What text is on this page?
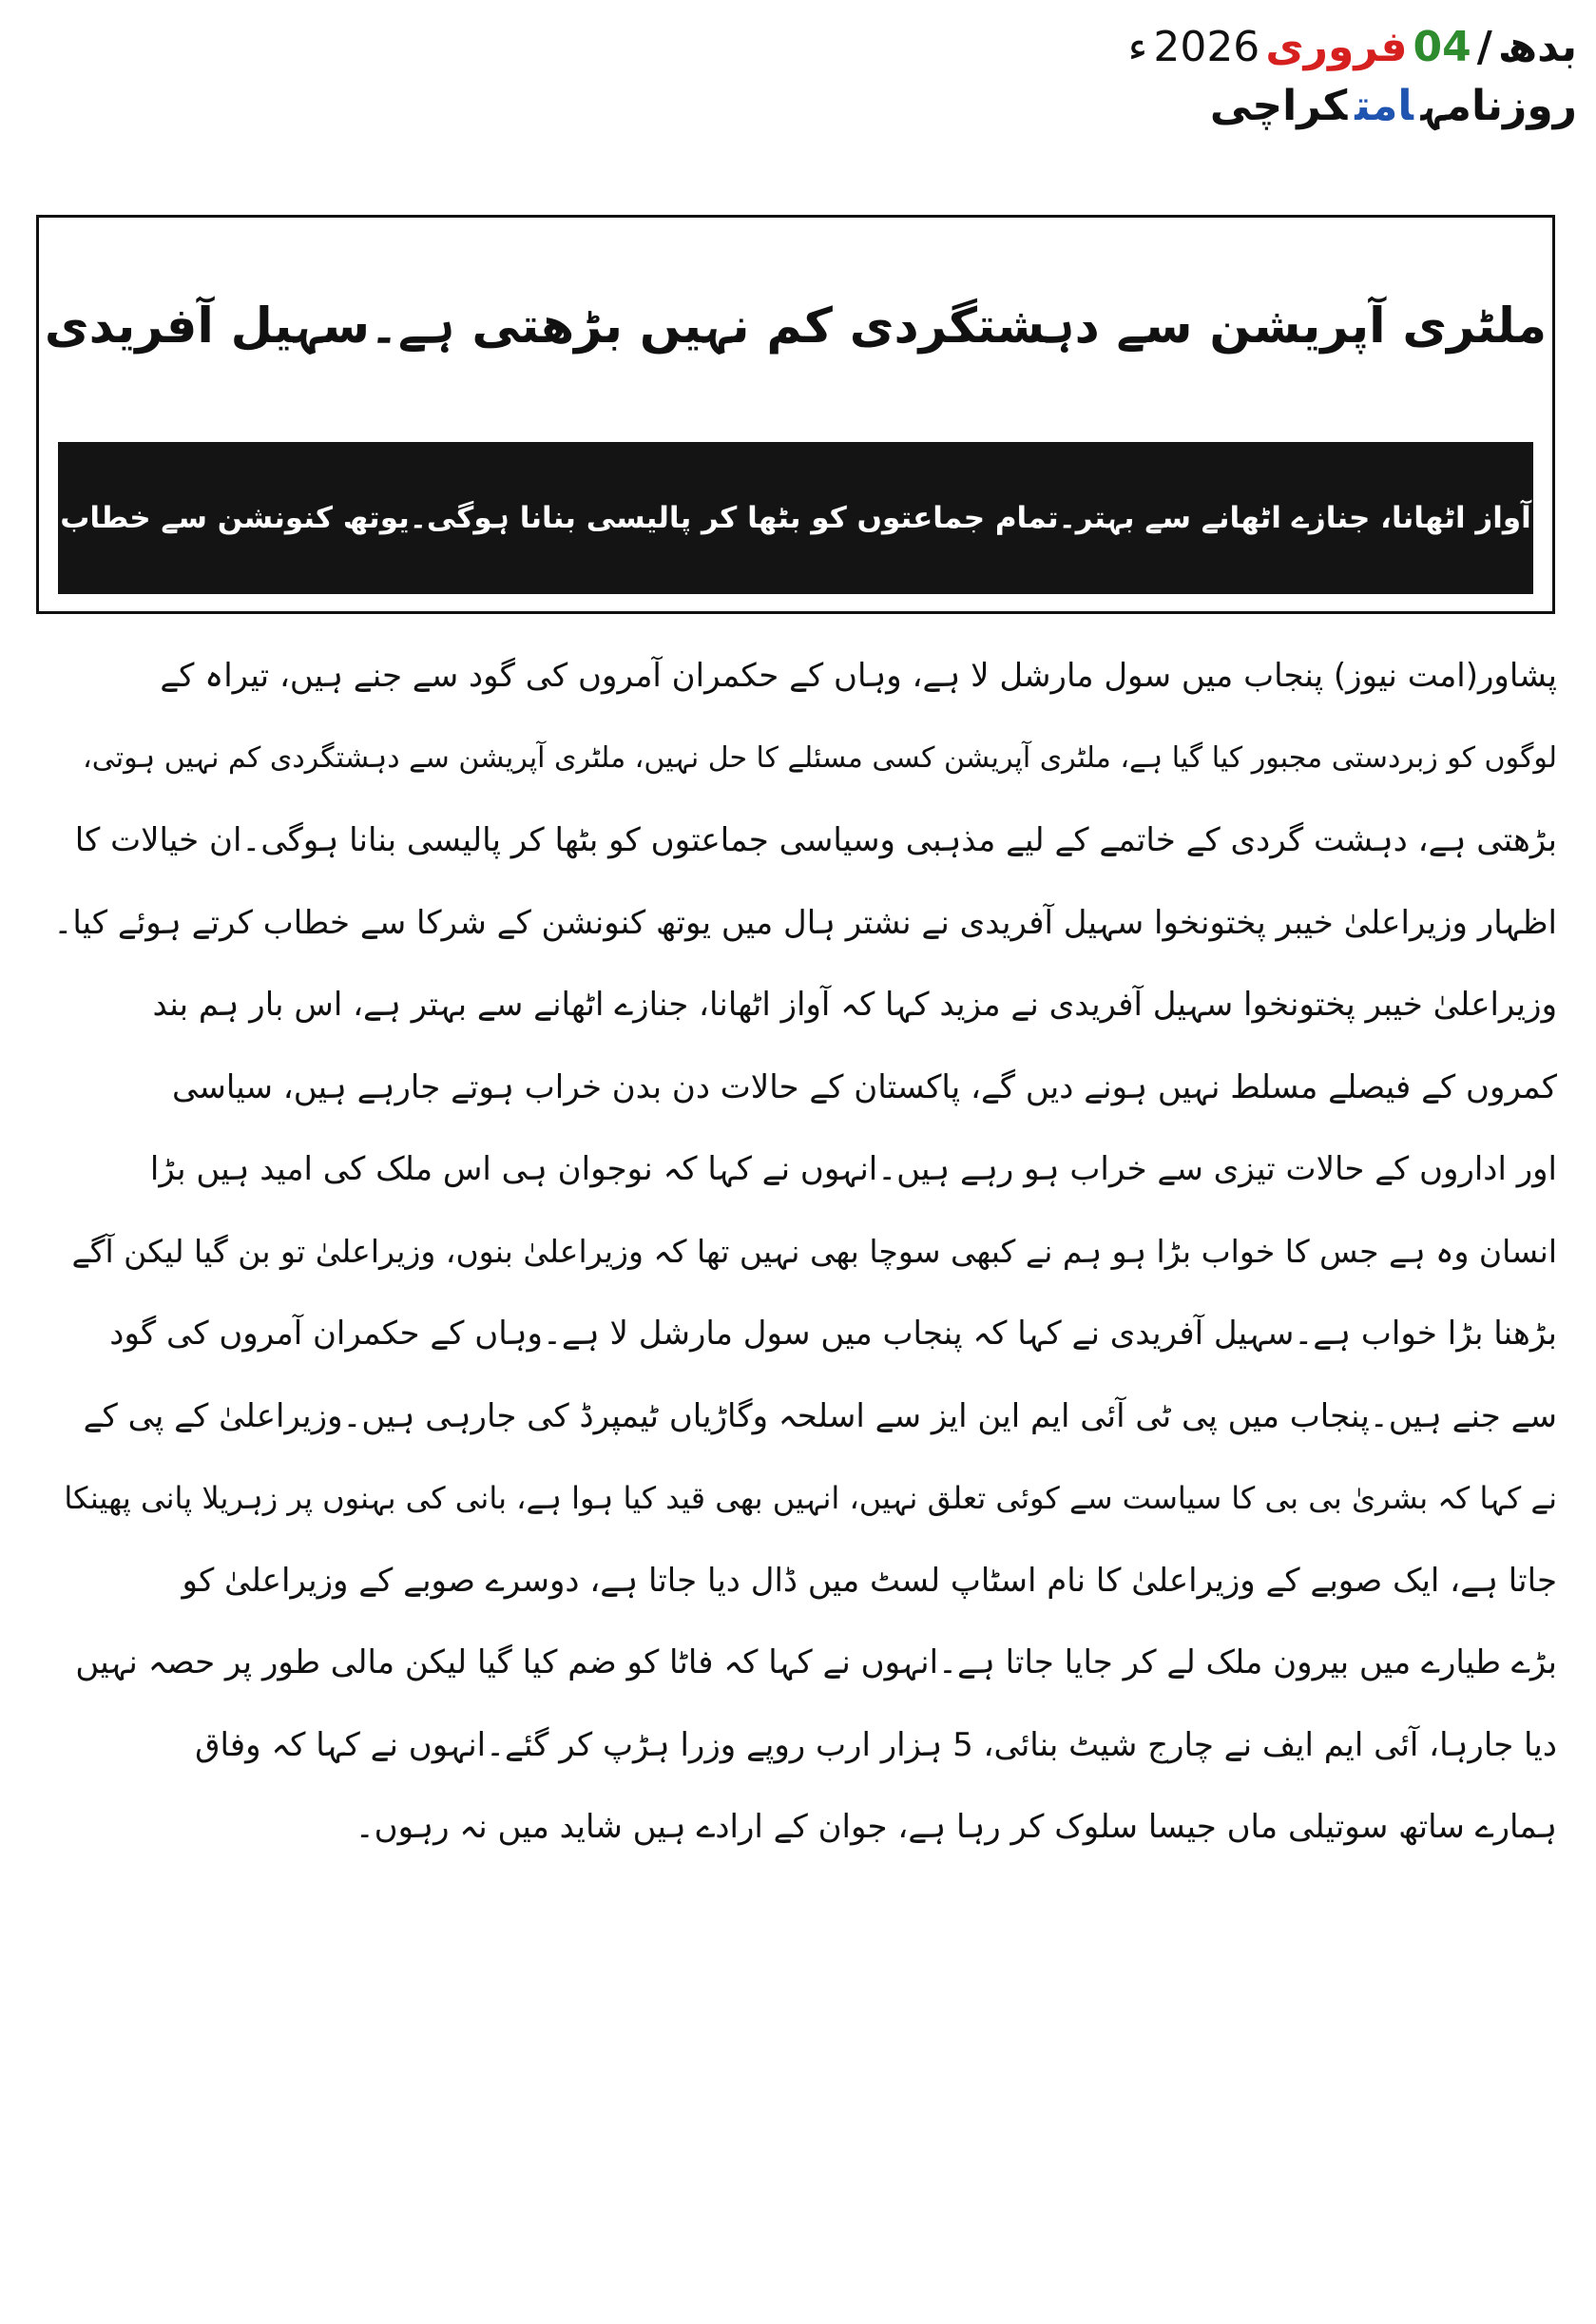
بدھ/04فروری2026ء
روزنامہامتکراچی
ملٹری آپریشن سے دہشتگردی کم نہیں بڑھتی ہے۔سہیل آفریدی
آواز اٹھانا، جنازے اٹھانے سے بہتر۔تمام جماعتوں کو بٹھا کر پالیسی بنانا ہوگی۔یوتھ کنونشن سے خطاب
پشاور(امت نیوز) پنجاب میں سول مارشل لا ہے، وہاں کے حکمران آمروں کی گود سے جنے ہیں، تیراہ کے
لوگوں کو زبردستی مجبور کیا گیا ہے، ملٹری آپریشن کسی مسئلے کا حل نہیں، ملٹری آپریشن سے دہشتگردی کم نہیں ہوتی،
بڑھتی ہے، دہشت گردی کے خاتمے کے لیے مذہبی وسیاسی جماعتوں کو بٹھا کر پالیسی بنانا ہوگی۔ان خیالات کا
اظہار وزیراعلیٰ خیبر پختونخوا سہیل آفریدی نے نشتر ہال میں یوتھ کنونشن کے شرکا سے خطاب کرتے ہوئے کیا۔
وزیراعلیٰ خیبر پختونخوا سہیل آفریدی نے مزید کہا کہ آواز اٹھانا، جنازے اٹھانے سے بہتر ہے، اس بار ہم بند
کمروں کے فیصلے مسلط نہیں ہونے دیں گے، پاکستان کے حالات دن بدن خراب ہوتے جارہے ہیں، سیاسی
اور اداروں کے حالات تیزی سے خراب ہو رہے ہیں۔انہوں نے کہا کہ نوجوان ہی اس ملک کی امید ہیں بڑا
انسان وہ ہے جس کا خواب بڑا ہو ہم نے کبھی سوچا بھی نہیں تھا کہ وزیراعلیٰ بنوں، وزیراعلیٰ تو بن گیا لیکن آگے
بڑھنا بڑا خواب ہے۔سہیل آفریدی نے کہا کہ پنجاب میں سول مارشل لا ہے۔وہاں کے حکمران آمروں کی گود
سے جنے ہیں۔پنجاب میں پی ٹی آئی ایم این ایز سے اسلحہ وگاڑیاں ٹیمپرڈ کی جارہی ہیں۔وزیراعلیٰ کے پی کے
نے کہا کہ بشریٰ بی بی کا سیاست سے کوئی تعلق نہیں، انہیں بھی قید کیا ہوا ہے، بانی کی بہنوں پر زہریلا پانی پھینکا
جاتا ہے، ایک صوبے کے وزیراعلیٰ کا نام اسٹاپ لسٹ میں ڈال دیا جاتا ہے، دوسرے صوبے کے وزیراعلیٰ کو
بڑے طیارے میں بیرون ملک لے کر جایا جاتا ہے۔انہوں نے کہا کہ فاٹا کو ضم کیا گیا لیکن مالی طور پر حصہ نہیں
دیا جارہا، آئی ایم ایف نے چارج شیٹ بنائی، 5 ہزار ارب روپے وزرا ہڑپ کر گئے۔انہوں نے کہا کہ وفاق
ہمارے ساتھ سوتیلی ماں جیسا سلوک کر رہا ہے، جوان کے ارادے ہیں شاید میں نہ رہوں۔
